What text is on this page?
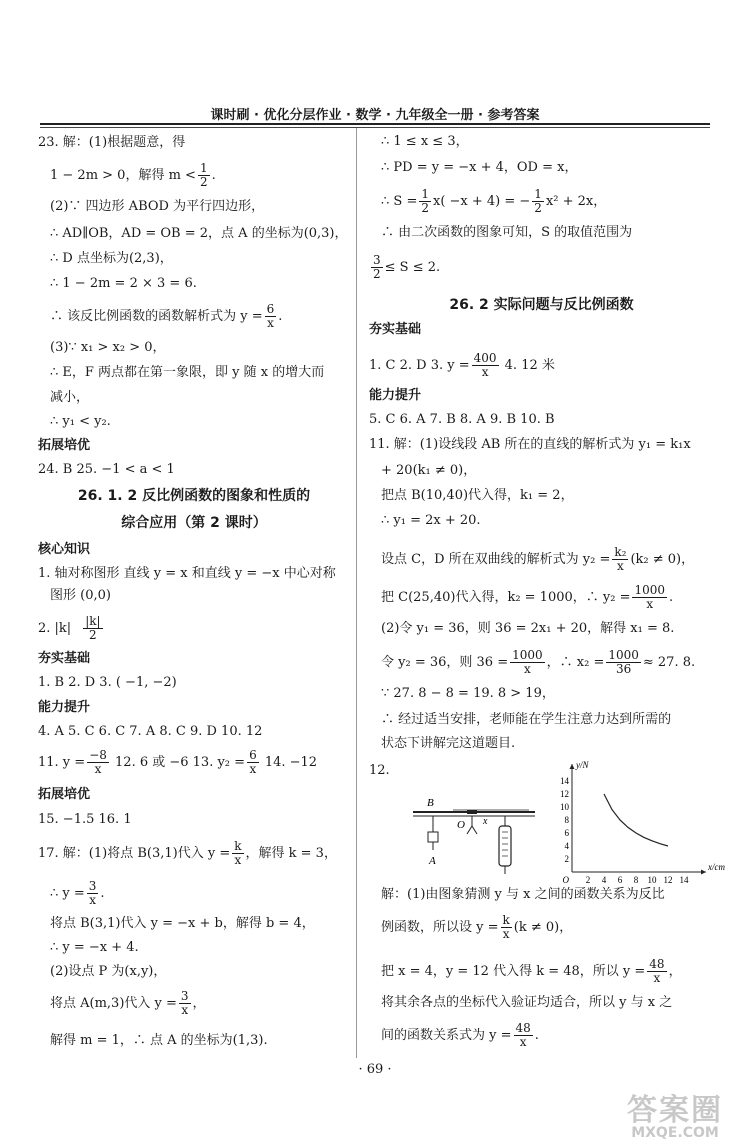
课时刷 · 优化分层作业 · 数学 · 九年级全一册 · 参考答案
23. 解：(1)根据题意，得
1 − 2m > 0，解得 $m < \frac{1}{2}$ .
(2)∵ 四边形 ABOD 为平行四边形，
∴ AD∥OB，AD = OB = 2，点 A 的坐标为(0,3)，
∴ D 点坐标为(2,3)，
∴ 1 − 2m = 2 × 3 = 6.
∴ 该反比例函数的函数解析式为 $y = \frac{6}{x}$ .
(3)∵ x₁ > x₂ > 0，
∴ E，F 两点都在第一象限，即 y 随 x 的增大而
减小，
∴ y₁ < y₂.
拓展培优
24. B 25. −1 < a < 1
26. 1. 2 反比例函数的图象和性质的
综合应用（第 2 课时）
核心知识
1. 轴对称图形 直线 y = x 和直线 y = −x 中心对称
图形 (0,0)
2. $|k| \frac{|k|}{2}$
夯实基础
1. B 2. D 3. ( −1, −2)
能力提升
4. A 5. C 6. C 7. A 8. C 9. D 10. 12
11. $y = \frac{-8}{x} 12$. 6 或 −6 13. $y_2 = \frac{6}{x} 14$. −12
拓展培优
15. −1.5 16. 1
17. 解：(1)将点 B(3,1)代入 $y = \frac{k}{x}$ ，解得 k = 3，
∴ $y = \frac{3}{x}$ .
将点 B(3,1)代入 y = −x + b，解得 b = 4，
∴ y = −x + 4.
(2)设点 P 为(x,y)，
将点 A(m,3)代入 $y = \frac{3}{x}$ ，
解得 m = 1，∴ 点 A 的坐标为(1,3).
∴ 1 ≤ x ≤ 3，
∴ PD = y = −x + 4，OD = x，
∴ $S = \frac{1}{2} x( -x + 4)$ = − $\frac{1}{2} x^2 + 2x$，
∴ 由二次函数的图象可知，S 的取值范围为
$\frac{3}{2} \le S \le 2$.
26. 2 实际问题与反比例函数
夯实基础
1. C 2. D 3. $y = \frac{400}{x} 4$. 12 米
能力提升
5. C 6. A 7. B 8. A 9. B 10. B
11. 解：(1)设线段 AB 所在的直线的解析式为 y₁ = k₁x
+ 20(k₁ ≠ 0)，
把点 B(10,40)代入得，k₁ = 2，
∴ y₁ = 2x + 20.
设点 C，D 所在双曲线的解析式为 $y_2 = \frac{\text{k₂}}{x} (k_2 \ne 0)$，
把 C(25,40)代入得，k₂ = 1000，∴ $y_2 = \frac{1000}{x}$ .
(2)令 y₁ = 36，则 36 = 2x₁ + 20，解得 x₁ = 8.
令 y₂ = 36，则 $36 = \frac{1000}{x}$ ，∴ $x_2 = \frac{1000}{36} \approx 27$. 8.
∵ 27. 8 − 8 = 19. 8 > 19，
∴ 经过适当安排，老师能在学生注意力达到所需的
状态下讲解完这道题目.
12.
B
O x
A
2 4 6 8 10 12 14
2
4
6
8
10
12
14
O
x/cm
y/N
解：(1)由图象猜测 y 与 x 之间的函数关系为反比
例函数，所以设 $y = \frac{k}{x} (k \ne 0)$，
把 x = 4，y = 12 代入得 k = 48，所以 $y = \frac{48}{x}$ ，
将其余各点的坐标代入验证均适合，所以 y 与 x 之
间的函数关系式为 $y = \frac{48}{x}$ .
· 69 ·
答案圈
MXQE.COM
